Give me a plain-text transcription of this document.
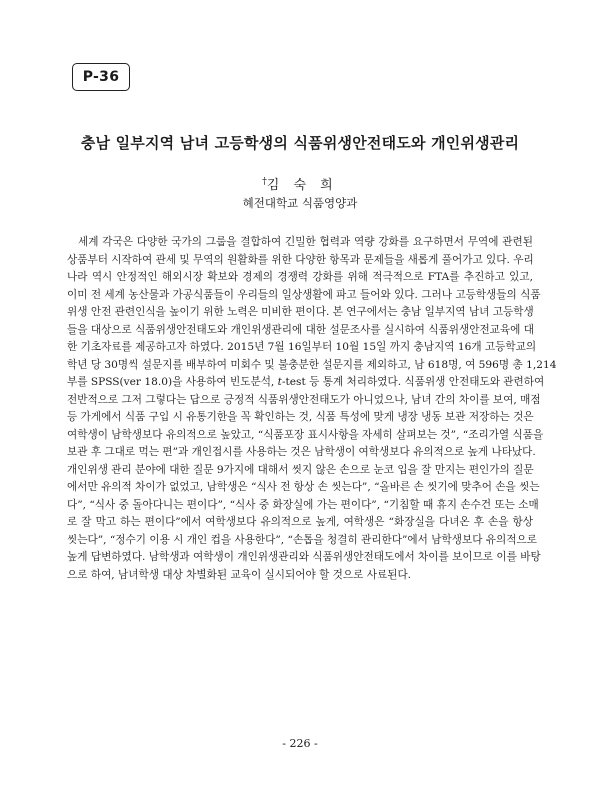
P-36
충남 일부지역 남녀 고등학생의 식품위생안전태도와 개인위생관리
†김 숙 희
혜전대학교 식품영양과
세계 각국은 다양한 국가의 그룹을 결합하여 긴밀한 협력과 역량 강화를 요구하면서 무역에 관련된
상품부터 시작하여 관세 및 무역의 원활화를 위한 다양한 항목과 문제들을 새롭게 풀어가고 있다. 우리
나라 역시 안정적인 해외시장 확보와 경제의 경쟁력 강화를 위해 적극적으로 FTA를 추진하고 있고,
이미 전 세계 농산물과 가공식품들이 우리들의 일상생활에 파고 들어와 있다. 그러나 고등학생들의 식품
위생 안전 관련인식을 높이기 위한 노력은 미비한 편이다. 본 연구에서는 충남 일부지역 남녀 고등학생
들을 대상으로 식품위생안전태도와 개인위생관리에 대한 설문조사를 실시하여 식품위생안전교육에 대
한 기초자료를 제공하고자 하였다. 2015년 7월 16일부터 10월 15일 까지 충남지역 16개 고등학교의
학년 당 30명씩 설문지를 배부하여 미회수 및 불충분한 설문지를 제외하고, 남 618명, 여 596명 총 1,214
부를 SPSS(ver 18.0)을 사용하여 빈도분석, t-test 등 통계 처리하였다. 식품위생 안전태도와 관련하여
전반적으로 그저 그렇다는 답으로 긍정적 식품위생안전태도가 아니었으나, 남녀 간의 차이를 보여, 매점
등 가게에서 식품 구입 시 유통기한을 꼭 확인하는 것, 식품 특성에 맞게 냉장 냉동 보관 저장하는 것은
여학생이 남학생보다 유의적으로 높았고, “식품포장 표시사항을 자세히 살펴보는 것”, “조리가열 식품을
보관 후 그대로 먹는 편”과 개인접시를 사용하는 것은 남학생이 여학생보다 유의적으로 높게 나타났다.
개인위생 관리 분야에 대한 질문 9가지에 대해서 씻지 않은 손으로 눈코 입을 잘 만지는 편인가의 질문
에서만 유의적 차이가 없었고, 남학생은 “식사 전 항상 손 씻는다”, “올바른 손 씻기에 맞추어 손을 씻는
다”, “식사 중 돌아다니는 편이다”, “식사 중 화장실에 가는 편이다”, “기침할 때 휴지 손수건 또는 소매
로 잘 막고 하는 편이다”에서 여학생보다 유의적으로 높게, 여학생은 “화장실을 다녀온 후 손을 항상
씻는다”, “정수기 이용 시 개인 컵을 사용한다”, “손톱을 청결히 관리한다”에서 남학생보다 유의적으로
높게 답변하였다. 남학생과 여학생이 개인위생관리와 식품위생안전태도에서 차이를 보이므로 이를 바탕
으로 하여, 남녀학생 대상 차별화된 교육이 실시되어야 할 것으로 사료된다.
- 226 -
